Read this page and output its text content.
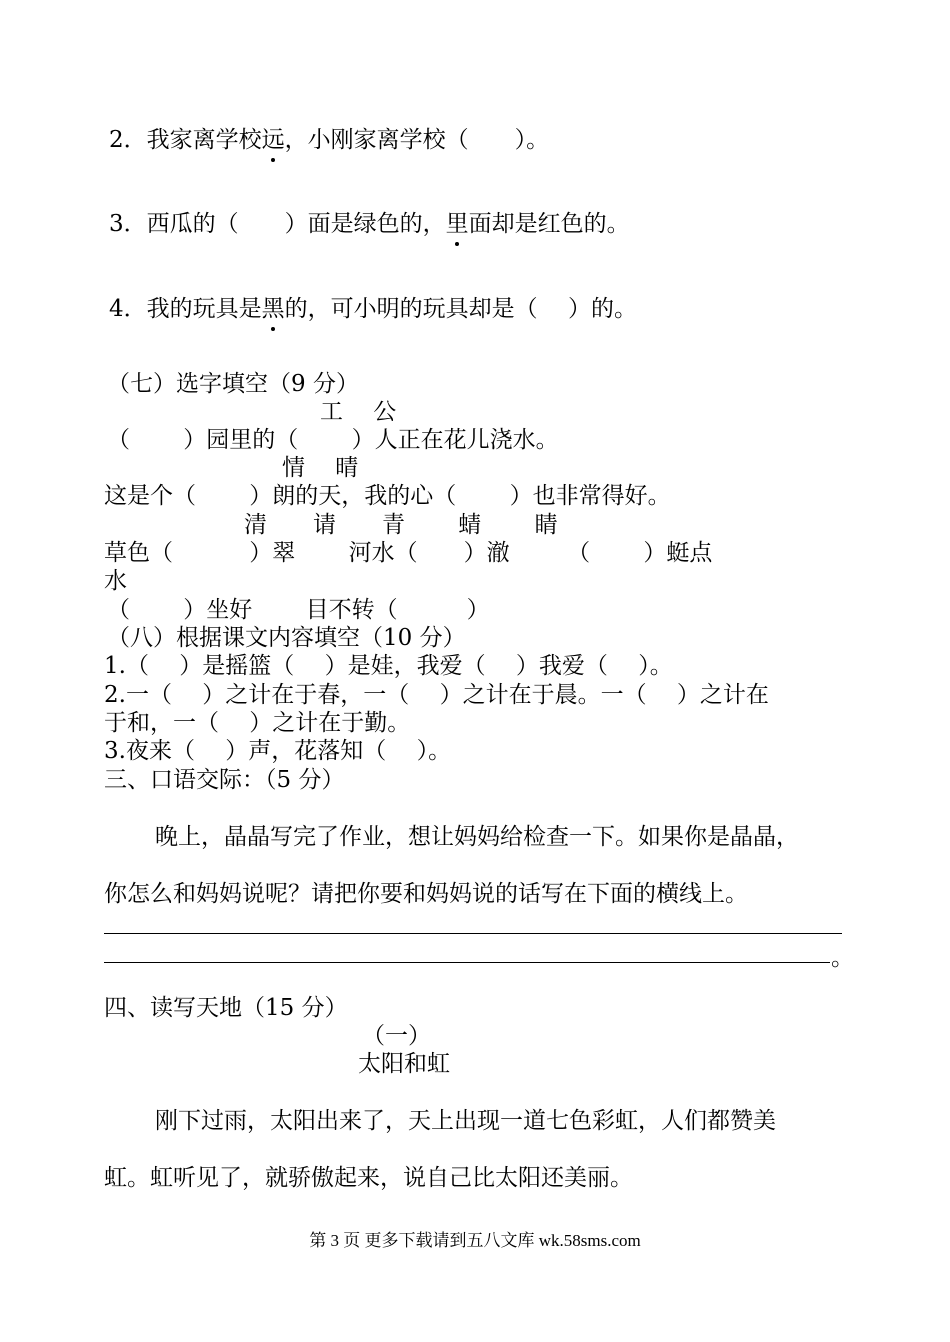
2．我家离学校远，小刚家离学校（　　）。
3．西瓜的（　　）面是绿色的，里面却是红色的。
4．我的玩具是黑的，可小明的玩具却是（　 ）的。
（七）选字填空（9 分）
工　 公
（　　 ）园里的（　　 ）人正在花儿浇水。
情　 晴
这是个（　　 ）朗的天，我的心（　　 ）也非常得好。
清　　请　　青　　 蜻　　 睛
草色（　　　 ）翠　　 河水（　　）澈　　　（　　 ）蜓点
水
（　　 ）坐好　　 目不转（　　　）
（八）根据课文内容填空（10 分）
1.（　 ）是摇篮（　 ）是娃，我爱（　 ）我爱（　 ）。
2.一（　 ）之计在于春，一（　 ）之计在于晨。一（　 ）之计在
于和，一（　 ）之计在于勤。
3.夜来（　 ）声，花落知（　 ）。
三、口语交际：（5 分）
晚上，晶晶写完了作业，想让妈妈给检查一下。如果你是晶晶，
你怎么和妈妈说呢？请把你要和妈妈说的话写在下面的横线上。
。
四、读写天地（15 分）
（一）
太阳和虹
刚下过雨，太阳出来了，天上出现一道七色彩虹，人们都赞美
虹。虹听见了，就骄傲起来，说自己比太阳还美丽。
第 3 页 更多下载请到五八文库 wk.58sms.com
